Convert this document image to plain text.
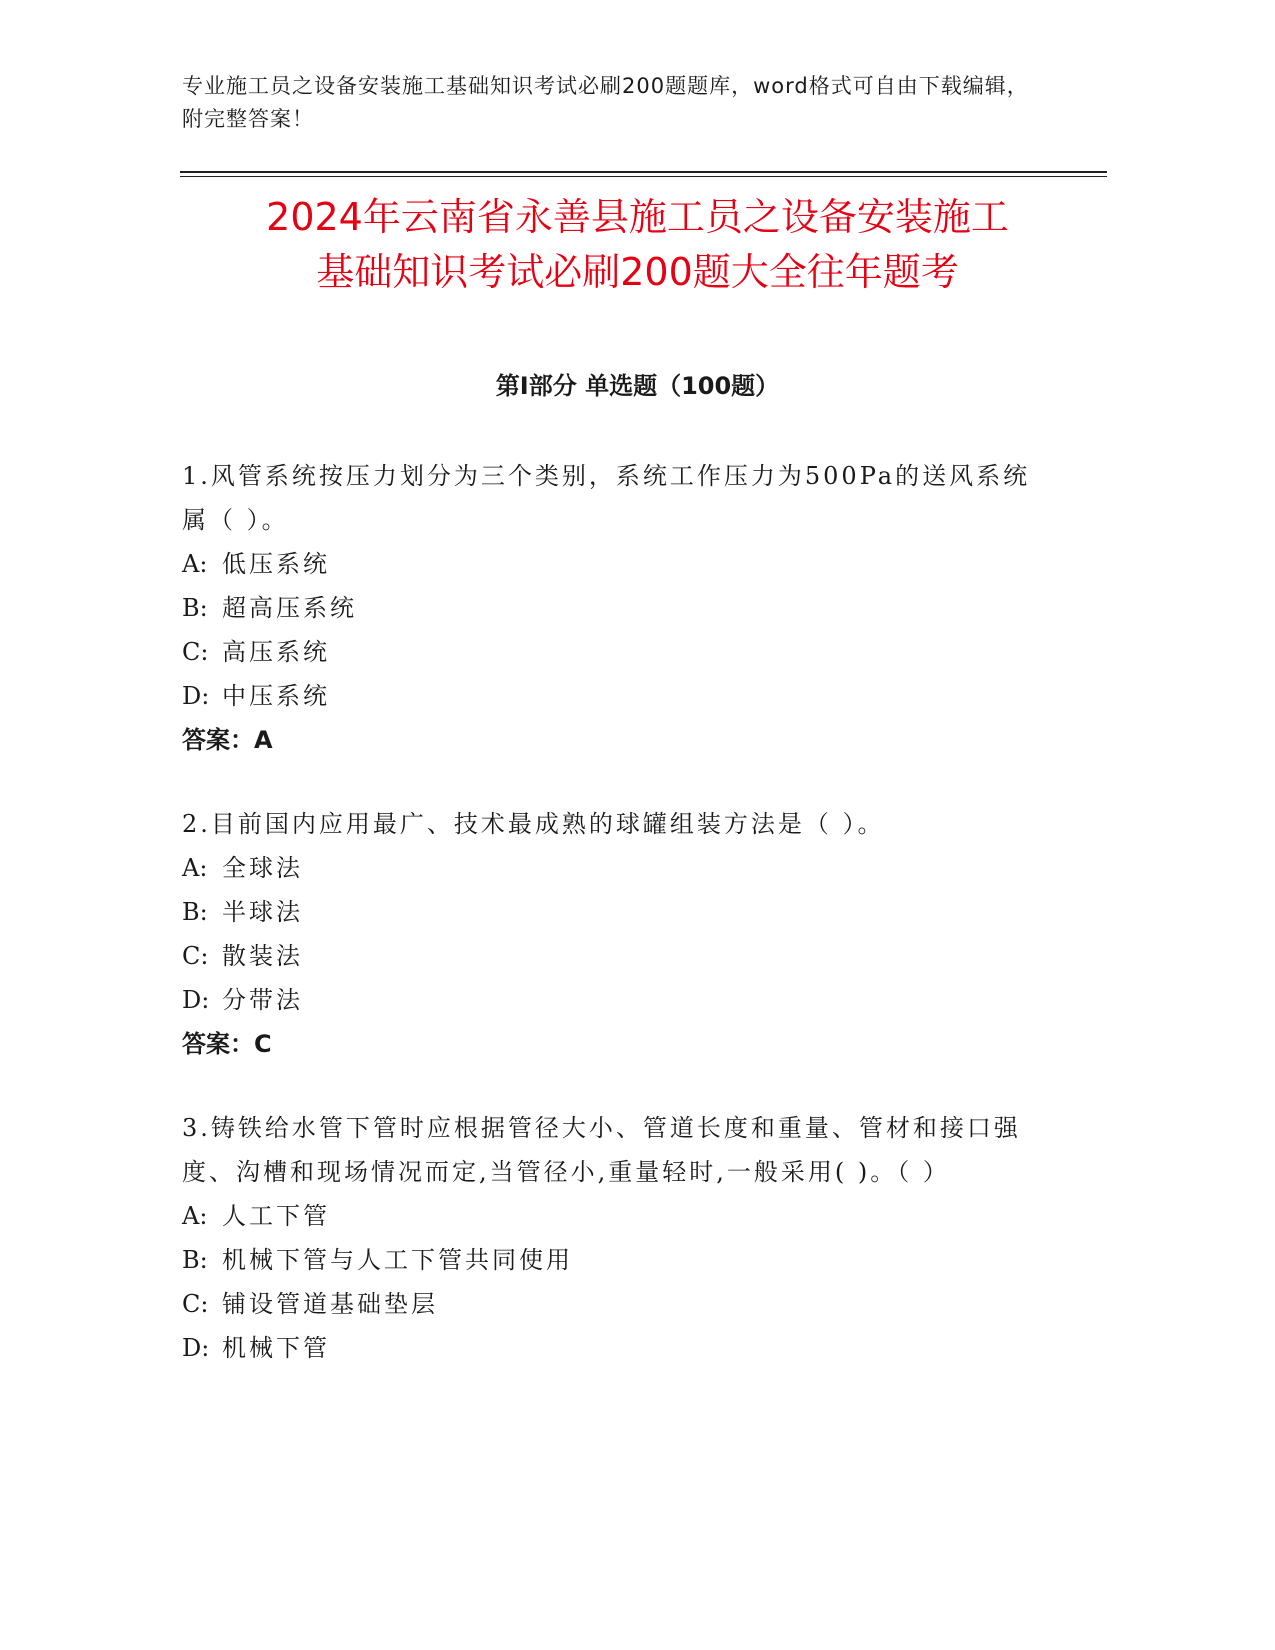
专业施工员之设备安装施工基础知识考试必刷200题题库，word格式可自由下载编辑，附完整答案！
2024年云南省永善县施工员之设备安装施工
基础知识考试必刷200题大全往年题考
第Ⅰ部分 单选题（100题）
1.风管系统按压力划分为三个类别，系统工作压力为500Pa的送风系统属（ ）。
A: 低压系统
B: 超高压系统
C: 高压系统
D: 中压系统
答案：A
2.目前国内应用最广、技术最成熟的球罐组装方法是（ ）。
A: 全球法
B: 半球法
C: 散装法
D: 分带法
答案：C
3.铸铁给水管下管时应根据管径大小、管道长度和重量、管材和接口强度、沟槽和现场情况而定,当管径小,重量轻时,一般采用( )。（ ）
A: 人工下管
B: 机械下管与人工下管共同使用
C: 铺设管道基础垫层
D: 机械下管
